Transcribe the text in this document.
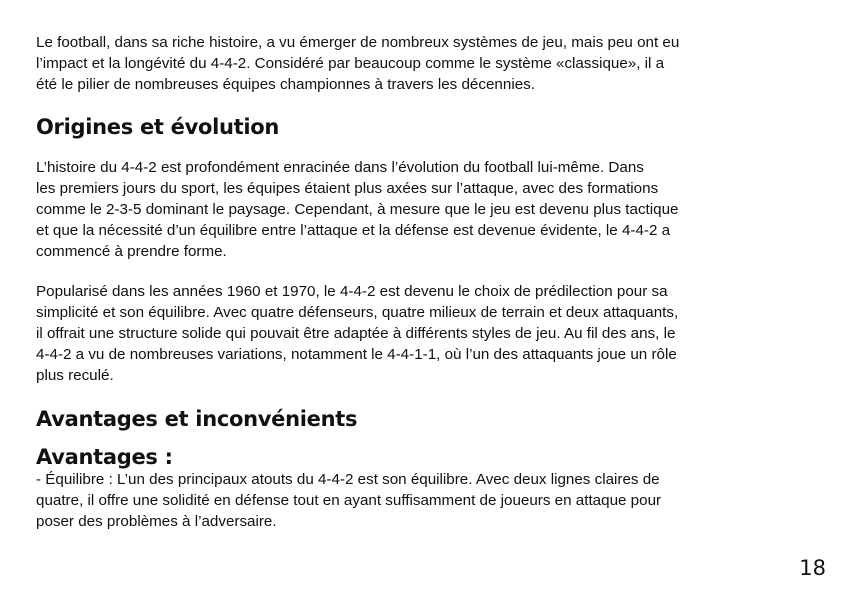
Le football, dans sa riche histoire, a vu émerger de nombreux systèmes de jeu, mais peu ont eu
l’impact et la longévité du 4-4-2. Considéré par beaucoup comme le système «classique», il a
été le pilier de nombreuses équipes championnes à travers les décennies.

Origines et évolution

L’histoire du 4-4-2 est profondément enracinée dans l’évolution du football lui-même. Dans
les premiers jours du sport, les équipes étaient plus axées sur l’attaque, avec des formations
comme le 2-3-5 dominant le paysage. Cependant, à mesure que le jeu est devenu plus tactique
et que la nécessité d’un équilibre entre l’attaque et la défense est devenue évidente, le 4-4-2 a
commencé à prendre forme.

Popularisé dans les années 1960 et 1970, le 4-4-2 est devenu le choix de prédilection pour sa
simplicité et son équilibre. Avec quatre défenseurs, quatre milieux de terrain et deux attaquants,
il offrait une structure solide qui pouvait être adaptée à différents styles de jeu. Au fil des ans, le
4-4-2 a vu de nombreuses variations, notamment le 4-4-1-1, où l’un des attaquants joue un rôle
plus reculé.

Avantages et inconvénients
Avantages :

- Équilibre : L’un des principaux atouts du 4-4-2 est son équilibre. Avec deux lignes claires de
quatre, il offre une solidité en défense tout en ayant suffisamment de joueurs en attaque pour
poser des problèmes à l’adversaire.

18
